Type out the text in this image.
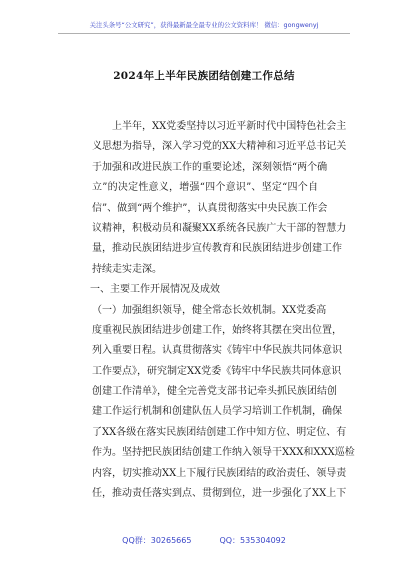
关注头条号“公文研究”，获得最新最全最专业的公文资料库！ 微信：gongwenyj
2024年上半年民族团结创建工作总结
上半年，XX党委坚持以习近平新时代中国特色社会主
义思想为指导，深入学习党的XX大精神和习近平总书记关
于加强和改进民族工作的重要论述，深刻领悟“两个确
立”的决定性意义，增强“四个意识”、坚定“四个自
信”、做到“两个维护”，认真贯彻落实中央民族工作会
议精神，积极动员和凝聚XX系统各民族广大干部的智慧力
量，推动民族团结进步宣传教育和民族团结进步创建工作
持续走实走深。
一、主要工作开展情况及成效
（一）加强组织领导，健全常态长效机制。XX党委高
度重视民族团结进步创建工作，始终将其摆在突出位置，
列入重要日程。认真贯彻落实《铸牢中华民族共同体意识
工作要点》，研究制定XX党委《铸牢中华民族共同体意识
创建工作清单》，健全完善党支部书记牵头抓民族团结创
建工作运行机制和创建队伍人员学习培训工作机制，确保
了XX各级在落实民族团结创建工作中知方位、明定位、有
作为。坚持把民族团结创建工作纳入领导干XXX和XXX巡检
内容，切实推动XX上下履行民族团结的政治责任、领导责
任，推动责任落实到点、贯彻到位，进一步强化了XX上下
QQ群：30265665	QQ：535304092
